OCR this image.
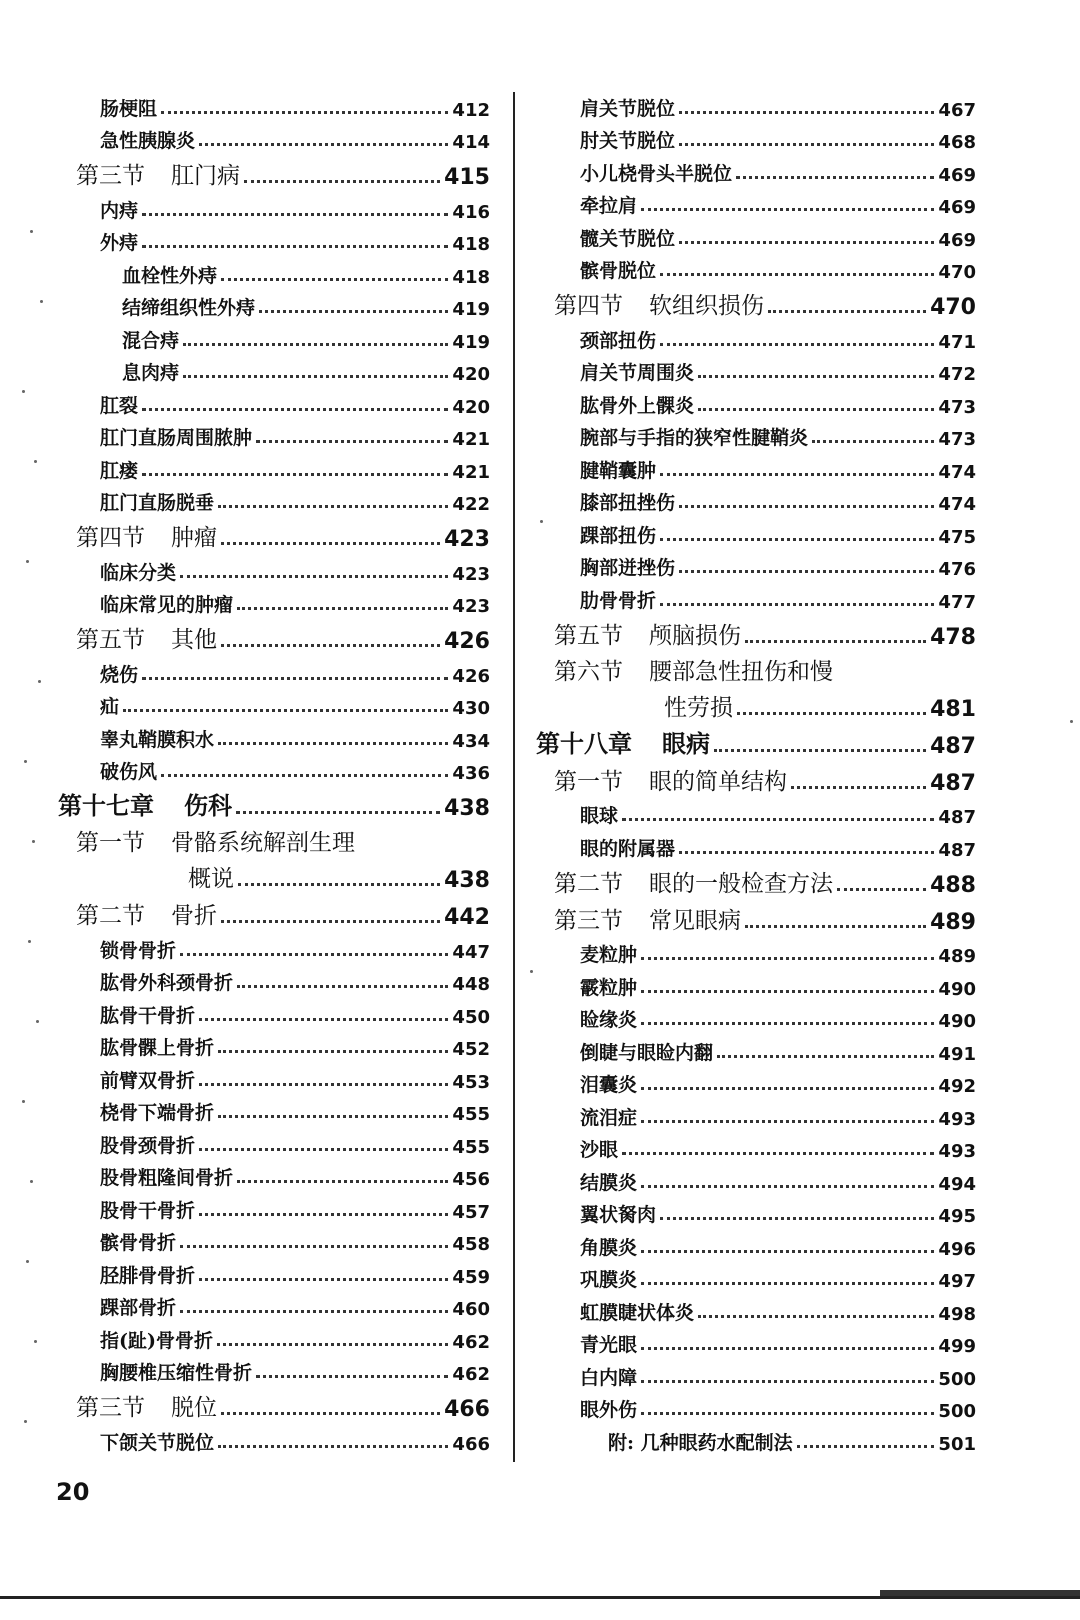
肠梗阻	412
急性胰腺炎	414
第三节 肛门病	415
内痔	416
外痔	418
血栓性外痔	418
结缔组织性外痔	419
混合痔	419
息肉痔	420
肛裂	420
肛门直肠周围脓肿	421
肛瘘	421
肛门直肠脱垂	422
第四节 肿瘤	423
临床分类	423
临床常见的肿瘤	423
第五节 其他	426
烧伤	426
疝	430
睾丸鞘膜积水	434
破伤风	436
第十七章 伤科	438
第一节 骨骼系统解剖生理
概说	438
第二节 骨折	442
锁骨骨折	447
肱骨外科颈骨折	448
肱骨干骨折	450
肱骨髁上骨折	452
前臂双骨折	453
桡骨下端骨折	455
股骨颈骨折	455
股骨粗隆间骨折	456
股骨干骨折	457
髌骨骨折	458
胫腓骨骨折	459
踝部骨折	460
指(趾)骨骨折	462
胸腰椎压缩性骨折	462
第三节 脱位	466
下颌关节脱位	466
肩关节脱位	467
肘关节脱位	468
小儿桡骨头半脱位	469
牵拉肩	469
髋关节脱位	469
髌骨脱位	470
第四节 软组织损伤	470
颈部扭伤	471
肩关节周围炎	472
肱骨外上髁炎	473
腕部与手指的狭窄性腱鞘炎	473
腱鞘囊肿	474
膝部扭挫伤	474
踝部扭伤	475
胸部迸挫伤	476
肋骨骨折	477
第五节 颅脑损伤	478
第六节 腰部急性扭伤和慢
性劳损	481
第十八章 眼病	487
第一节 眼的简单结构	487
眼球	487
眼的附属器	487
第二节 眼的一般检查方法	488
第三节 常见眼病	489
麦粒肿	489
霰粒肿	490
睑缘炎	490
倒睫与眼睑内翻	491
泪囊炎	492
流泪症	493
沙眼	493
结膜炎	494
翼状胬肉	495
角膜炎	496
巩膜炎	497
虹膜睫状体炎	498
青光眼	499
白内障	500
眼外伤	500
附: 几种眼药水配制法	501
20
